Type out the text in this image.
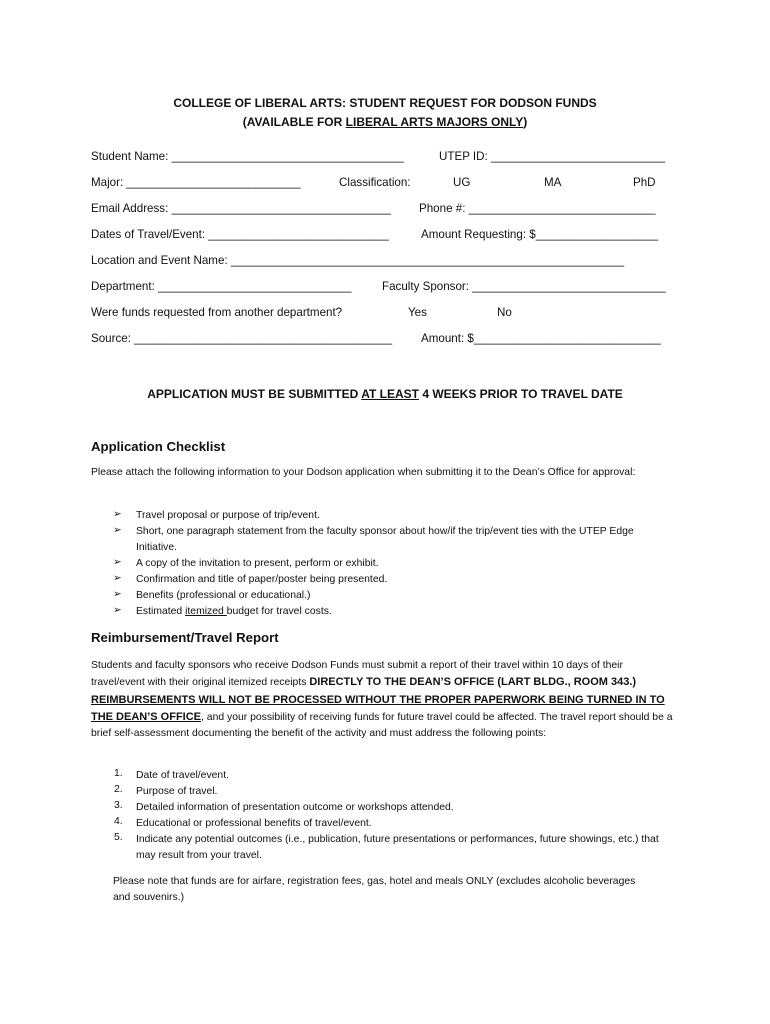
COLLEGE OF LIBERAL ARTS: STUDENT REQUEST FOR DODSON FUNDS
(AVAILABLE FOR LIBERAL ARTS MAJORS ONLY)
Student Name: ____________________________________	UTEP ID: ___________________________
Major: ___________________________	Classification:	UG	MA	PhD
Email Address: __________________________________ Phone #: _____________________________
Dates of Travel/Event: ____________________________	Amount Requesting: $___________________
Location and Event Name: _____________________________________________________________
Department: ______________________________	Faculty Sponsor: ______________________________
Were funds requested from another department?	Yes	No
Source: ________________________________________ Amount: $_____________________________
APPLICATION MUST BE SUBMITTED AT LEAST 4 WEEKS PRIOR TO TRAVEL DATE
Application Checklist
Please attach the following information to your Dodson application when submitting it to the Dean’s Office for approval:
➢ Travel proposal or purpose of trip/event.
➢ Short, one paragraph statement from the faculty sponsor about how/if the trip/event ties with the UTEP Edge Initiative.
➢ A copy of the invitation to present, perform or exhibit.
➢ Confirmation and title of paper/poster being presented.
➢ Benefits (professional or educational.)
➢ Estimated itemized budget for travel costs.
Reimbursement/Travel Report
Students and faculty sponsors who receive Dodson Funds must submit a report of their travel within 10 days of their travel/event with their original itemized receipts DIRECTLY TO THE DEAN’S OFFICE (LART BLDG., ROOM 343.) REIMBURSEMENTS WILL NOT BE PROCESSED WITHOUT THE PROPER PAPERWORK BEING TURNED IN TO THE DEAN’S OFFICE, and your possibility of receiving funds for future travel could be affected. The travel report should be a brief self-assessment documenting the benefit of the activity and must address the following points:
1. Date of travel/event.
2. Purpose of travel.
3. Detailed information of presentation outcome or workshops attended.
4. Educational or professional benefits of travel/event.
5. Indicate any potential outcomes (i.e., publication, future presentations or performances, future showings, etc.) that may result from your travel.
Please note that funds are for airfare, registration fees, gas, hotel and meals ONLY (excludes alcoholic beverages and souvenirs.)
